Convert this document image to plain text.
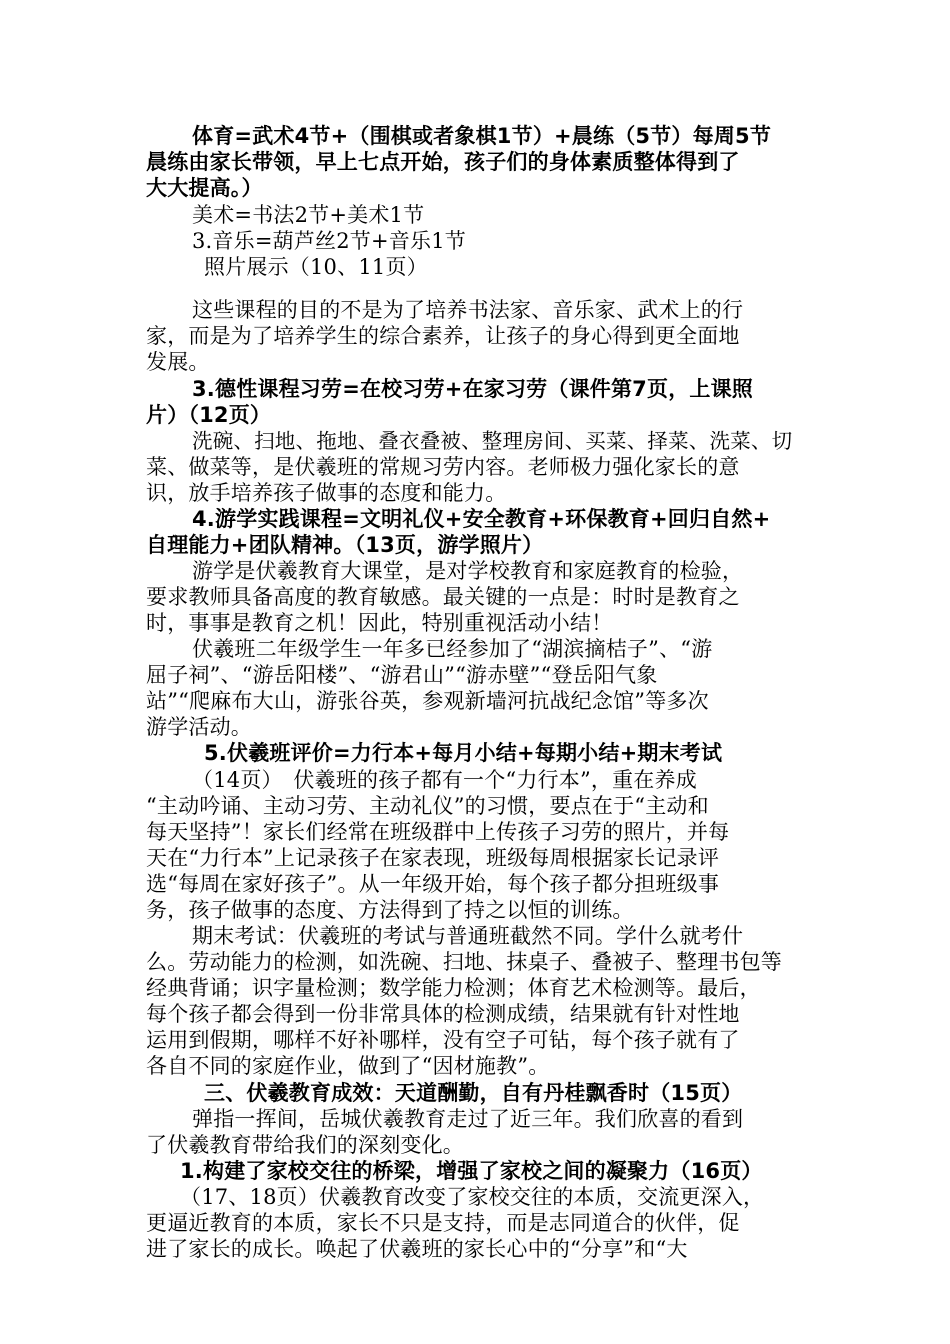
体育=武术4节+（围棋或者象棋1节）+晨练（5节）每周5节
晨练由家长带领，早上七点开始，孩子们的身体素质整体得到了
大大提高。）
美术=书法2节+美术1节
3.音乐=葫芦丝2节+音乐1节
照片展示（10、11页）
这些课程的目的不是为了培养书法家、音乐家、武术上的行
家，而是为了培养学生的综合素养，让孩子的身心得到更全面地
发展。
3.德性课程习劳=在校习劳+在家习劳（课件第7页，上课照
片）（12页）
洗碗、扫地、拖地、叠衣叠被、整理房间、买菜、择菜、洗菜、切
菜、做菜等，是伏羲班的常规习劳内容。老师极力强化家长的意
识，放手培养孩子做事的态度和能力。
4.游学实践课程=文明礼仪+安全教育+环保教育+回归自然+
自理能力+团队精神。（13页，游学照片）
游学是伏羲教育大课堂，是对学校教育和家庭教育的检验，
要求教师具备高度的教育敏感。最关键的一点是：时时是教育之
时，事事是教育之机！因此，特别重视活动小结！
伏羲班二年级学生一年多已经参加了“湖滨摘桔子”、“游
屈子祠”、“游岳阳楼”、“游君山”“游赤壁”“登岳阳气象
站”“爬麻布大山，游张谷英，参观新墙河抗战纪念馆”等多次
游学活动。
5.伏羲班评价=力行本+每月小结+每期小结+期末考试
（14页）　伏羲班的孩子都有一个“力行本”，重在养成
“主动吟诵、主动习劳、主动礼仪”的习惯，要点在于“主动和
每天坚持”！家长们经常在班级群中上传孩子习劳的照片，并每
天在“力行本”上记录孩子在家表现，班级每周根据家长记录评
选“每周在家好孩子”。从一年级开始，每个孩子都分担班级事
务，孩子做事的态度、方法得到了持之以恒的训练。
期末考试：伏羲班的考试与普通班截然不同。学什么就考什
么。劳动能力的检测，如洗碗、扫地、抹桌子、叠被子、整理书包等
经典背诵；识字量检测；数学能力检测；体育艺术检测等。最后，
每个孩子都会得到一份非常具体的检测成绩，结果就有针对性地
运用到假期，哪样不好补哪样，没有空子可钻，每个孩子就有了
各自不同的家庭作业，做到了“因材施教”。
三、伏羲教育成效：天道酬勤，自有丹桂飘香时（15页）
弹指一挥间，岳城伏羲教育走过了近三年。我们欣喜的看到
了伏羲教育带给我们的深刻变化。
1.构建了家校交往的桥梁，增强了家校之间的凝聚力（16页）
（17、18页）伏羲教育改变了家校交往的本质，交流更深入，
更逼近教育的本质，家长不只是支持，而是志同道合的伙伴，促
进了家长的成长。唤起了伏羲班的家长心中的“分享”和“大
